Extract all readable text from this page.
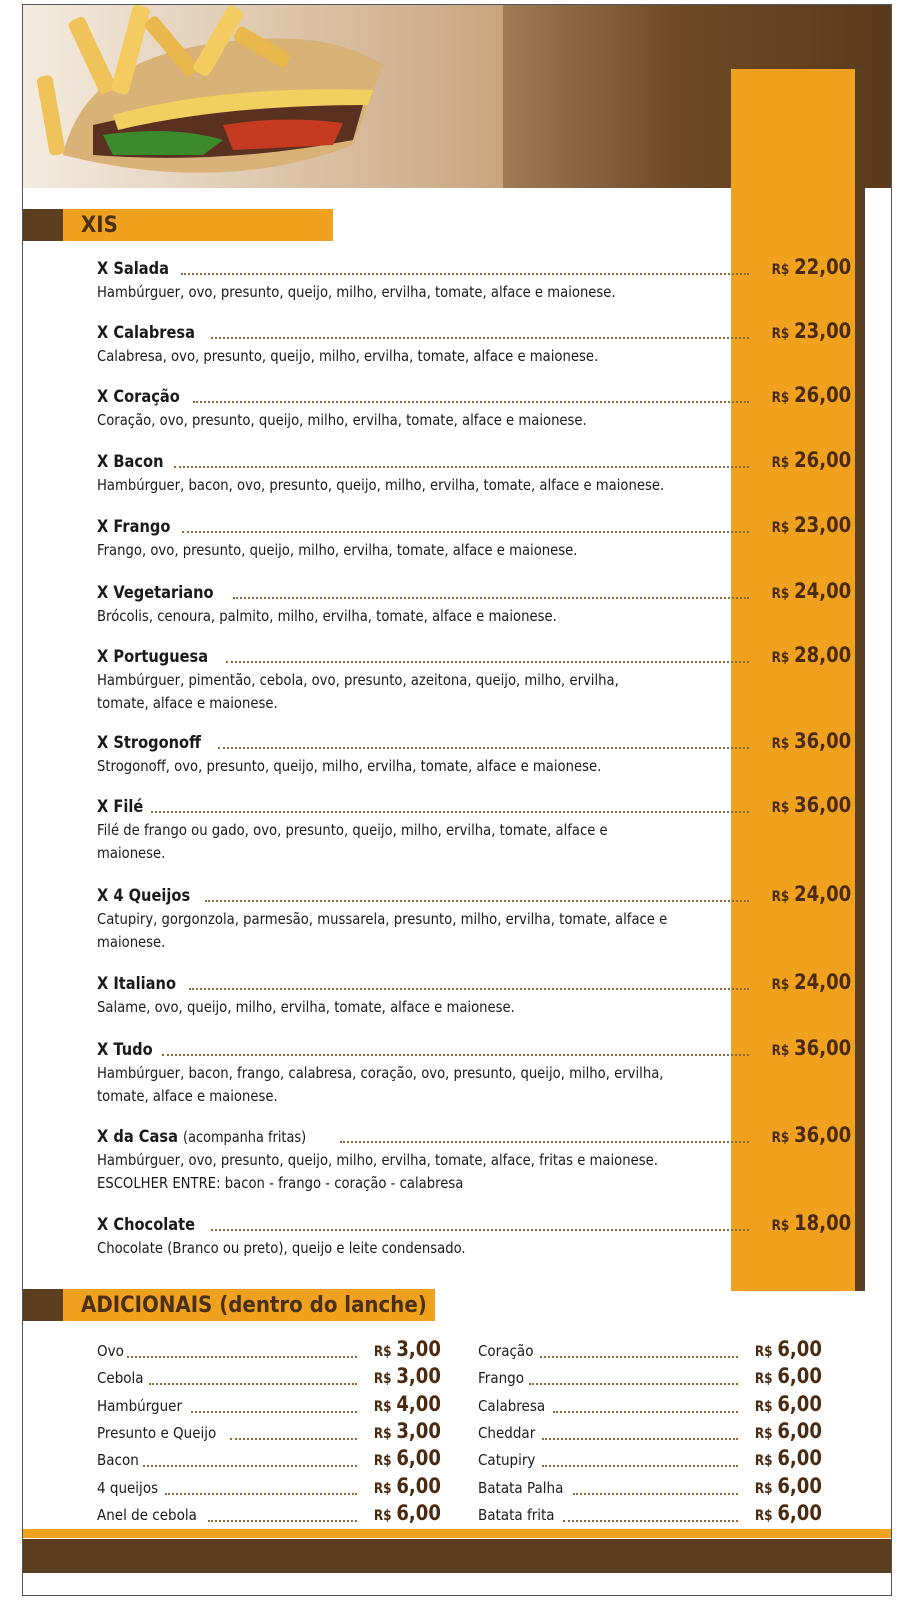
XIS
X Salada	R$ 22,00
Hambúrguer, ovo, presunto, queijo, milho, ervilha, tomate, alface e maionese.
X Calabresa	R$ 23,00
Calabresa, ovo, presunto, queijo, milho, ervilha, tomate, alface e maionese.
X Coração	R$ 26,00
Coração, ovo, presunto, queijo, milho, ervilha, tomate, alface e maionese.
X Bacon	R$ 26,00
Hambúrguer, bacon, ovo, presunto, queijo, milho, ervilha, tomate, alface e maionese.
X Frango	R$ 23,00
Frango, ovo, presunto, queijo, milho, ervilha, tomate, alface e maionese.
X Vegetariano	R$ 24,00
Brócolis, cenoura, palmito, milho, ervilha, tomate, alface e maionese.
X Portuguesa	R$ 28,00
Hambúrguer, pimentão, cebola, ovo, presunto, azeitona, queijo, milho, ervilha, tomate, alface e maionese.
X Strogonoff	R$ 36,00
Strogonoff, ovo, presunto, queijo, milho, ervilha, tomate, alface e maionese.
X Filé	R$ 36,00
Filé de frango ou gado, ovo, presunto, queijo, milho, ervilha, tomate, alface e maionese.
X 4 Queijos	R$ 24,00
Catupiry, gorgonzola, parmesão, mussarela, presunto, milho, ervilha, tomate, alface e maionese.
X Italiano	R$ 24,00
Salame, ovo, queijo, milho, ervilha, tomate, alface e maionese.
X Tudo	R$ 36,00
Hambúrguer, bacon, frango, calabresa, coração, ovo, presunto, queijo, milho, ervilha, tomate, alface e maionese.
X da Casa (acompanha fritas)	R$ 36,00
Hambúrguer, ovo, presunto, queijo, milho, ervilha, tomate, alface, fritas e maionese. ESCOLHER ENTRE: bacon - frango - coração - calabresa
X Chocolate	R$ 18,00
Chocolate (Branco ou preto), queijo e leite condensado.
ADICIONAIS (dentro do lanche)
Ovo	R$ 3,00
Cebola	R$ 3,00
Hambúrguer	R$ 4,00
Presunto e Queijo	R$ 3,00
Bacon	R$ 6,00
4 queijos	R$ 6,00
Anel de cebola	R$ 6,00
Coração	R$ 6,00
Frango	R$ 6,00
Calabresa	R$ 6,00
Cheddar	R$ 6,00
Catupiry	R$ 6,00
Batata Palha	R$ 6,00
Batata frita	R$ 6,00
